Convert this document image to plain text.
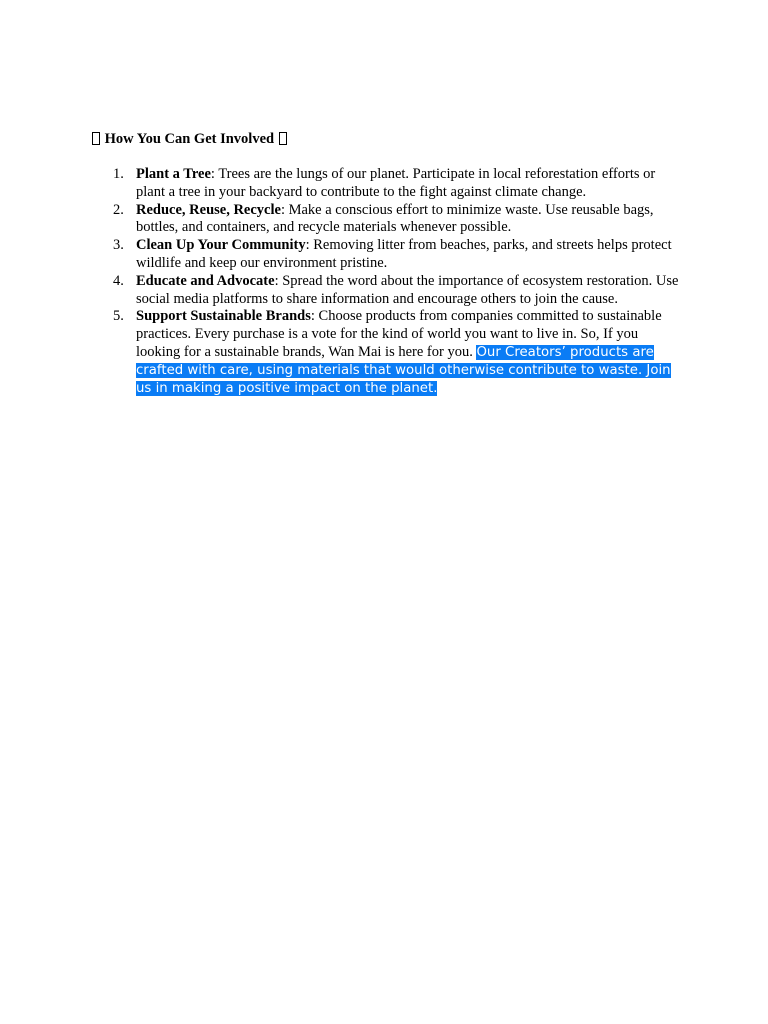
How You Can Get Involved
1. Plant a Tree: Trees are the lungs of our planet. Participate in local reforestation efforts or plant a tree in your backyard to contribute to the fight against climate change.
2. Reduce, Reuse, Recycle: Make a conscious effort to minimize waste. Use reusable bags, bottles, and containers, and recycle materials whenever possible.
3. Clean Up Your Community: Removing litter from beaches, parks, and streets helps protect wildlife and keep our environment pristine.
4. Educate and Advocate: Spread the word about the importance of ecosystem restoration. Use social media platforms to share information and encourage others to join the cause.
5. Support Sustainable Brands: Choose products from companies committed to sustainable practices. Every purchase is a vote for the kind of world you want to live in. So, If you looking for a sustainable brands, Wan Mai is here for you. Our Creators’ products are crafted with care, using materials that would otherwise contribute to waste. Join us in making a positive impact on the planet.
